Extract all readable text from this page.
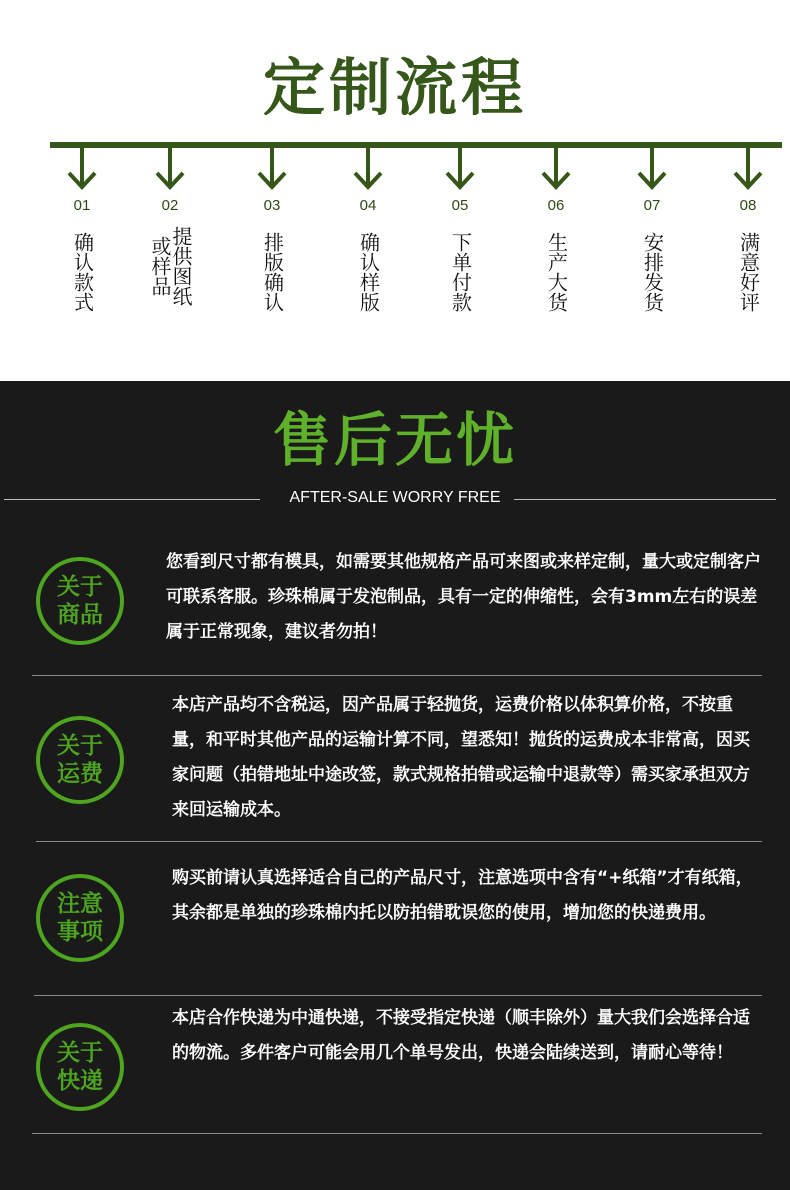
定制流程
01
确认款式
02
提供图纸或样品
03
排版确认
04
确认样版
05
下单付款
06
生产大货
07
安排发货
08
满意好评
售后无忧
AFTER-SALE WORRY FREE
关于
商品
您看到尺寸都有模具，如需要其他规格产品可来图或来样定制，量大或定制客户可联系客服。珍珠棉属于发泡制品，具有一定的伸缩性，会有3mm左右的误差属于正常现象，建议者勿拍！
关于
运费
本店产品均不含税运，因产品属于轻抛货，运费价格以体积算价格，不按重量，和平时其他产品的运输计算不同，望悉知！抛货的运费成本非常高，因买家问题（拍错地址中途改签，款式规格拍错或运输中退款等）需买家承担双方来回运输成本。
注意
事项
购买前请认真选择适合自己的产品尺寸，注意选项中含有“+纸箱”才有纸箱，其余都是单独的珍珠棉内托以防拍错耽误您的使用，增加您的快递费用。
关于
快递
本店合作快递为中通快递，不接受指定快递（顺丰除外）量大我们会选择合适的物流。多件客户可能会用几个单号发出，快递会陆续送到，请耐心等待！
